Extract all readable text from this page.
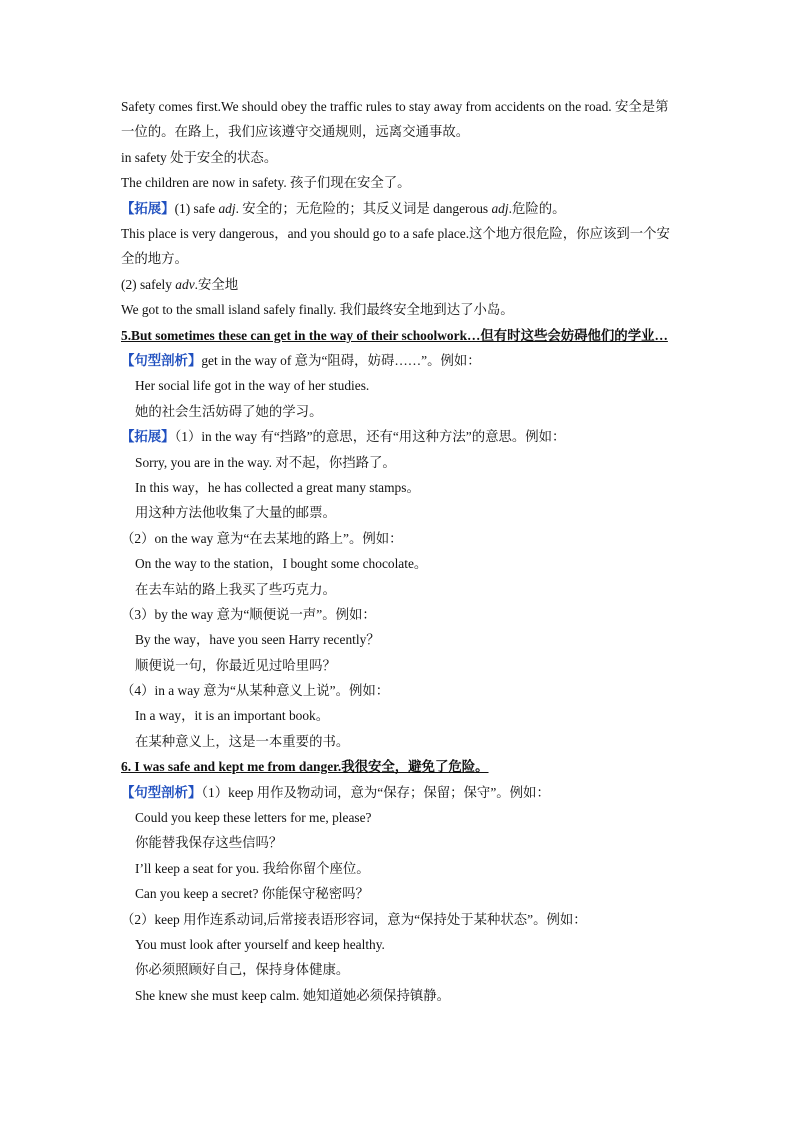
Safety comes first.We should obey the traffic rules to stay away from accidents on the road. 安全是第一位的。在路上，我们应该遵守交通规则，远离交通事故。
in safety 处于安全的状态。
The children are now in safety. 孩子们现在安全了。
【拓展】(1) safe adj. 安全的；无危险的；其反义词是 dangerous adj.危险的。
This place is very dangerous，and you should go to a safe place.这个地方很危险，你应该到一个安全的地方。
(2) safely adv.安全地
We got to the small island safely finally. 我们最终安全地到达了小岛。
5.But sometimes these can get in the way of their schoolwork…但有时这些会妨碍他们的学业…
【句型剖析】get in the way of 意为“阻碍，妨碍……”。例如：
Her social life got in the way of her studies.
她的社会生活妨碍了她的学习。
【拓展】（1）in the way 有“挡路”的意思，还有“用这种方法”的意思。例如：
Sorry, you are in the way. 对不起，你挡路了。
In this way，he has collected a great many stamps。
用这种方法他收集了大量的邮票。
（2）on the way 意为“在去某地的路上”。例如：
On the way to the station，I bought some chocolate。
在去车站的路上我买了些巧克力。
（3）by the way 意为“顺便说一声”。例如：
By the way，have you seen Harry recently？
顺便说一句，你最近见过哈里吗？
（4）in a way 意为“从某种意义上说”。例如：
In a way，it is an important book。
在某种意义上，这是一本重要的书。
6. I was safe and kept me from danger.我很安全，避免了危险。
【句型剖析】（1）keep 用作及物动词，意为“保存；保留；保守”。例如：
Could you keep these letters for me, please?
你能替我保存这些信吗？
I’ll keep a seat for you. 我给你留个座位。
Can you keep a secret? 你能保守秘密吗？
（2）keep 用作连系动词,后常接表语形容词，意为“保持处于某种状态”。例如：
You must look after yourself and keep healthy.
你必须照顾好自己，保持身体健康。
She knew she must keep calm. 她知道她必须保持镇静。
